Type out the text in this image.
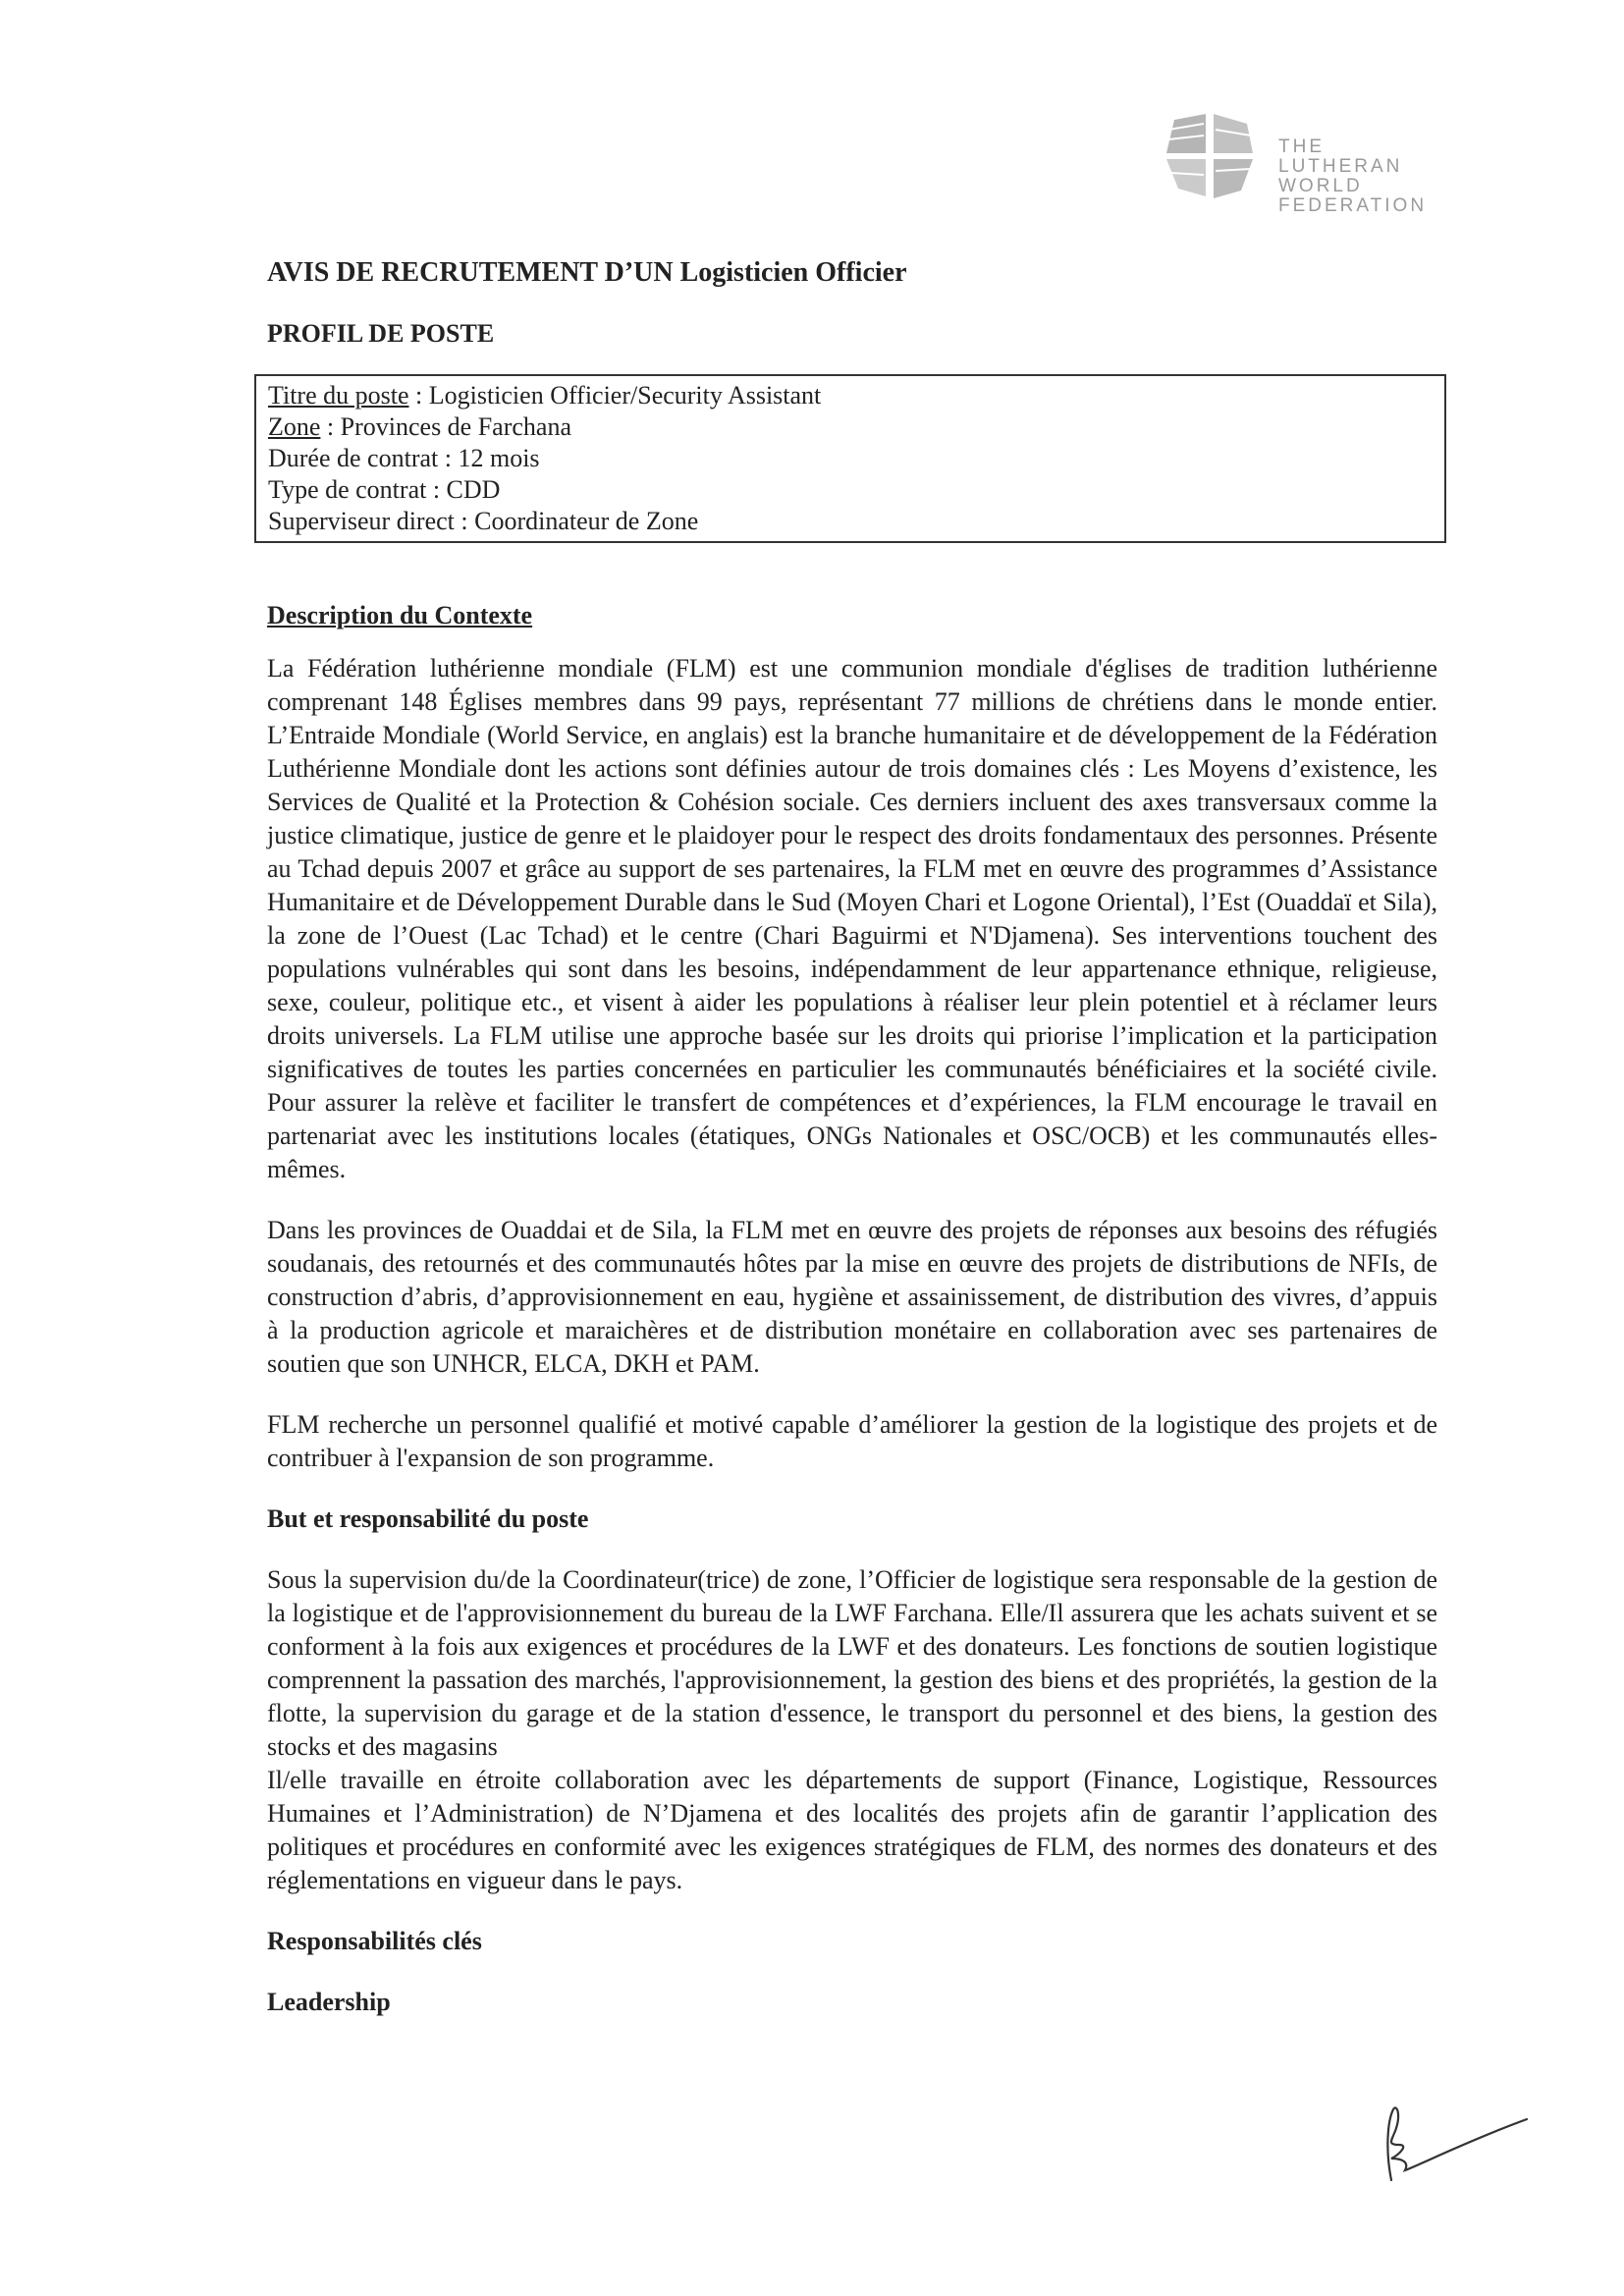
THE
LUTHERAN
WORLD
FEDERATION
AVIS DE RECRUTEMENT D’UN Logisticien Officier
PROFIL DE POSTE
Titre du poste : Logisticien Officier/Security Assistant
Zone : Provinces de Farchana
Durée de contrat : 12 mois
Type de contrat : CDD
Superviseur direct : Coordinateur de Zone
Description du Contexte

La Fédération luthérienne mondiale (FLM) est une communion mondiale d'églises de tradition luthérienne comprenant 148 Églises membres dans 99 pays, représentant 77 millions de chrétiens dans le monde entier. L’Entraide Mondiale (World Service, en anglais) est la branche humanitaire et de développement de la Fédération Luthérienne Mondiale dont les actions sont définies autour de trois domaines clés : Les Moyens d’existence, les Services de Qualité et la Protection & Cohésion sociale. Ces derniers incluent des axes transversaux comme la justice climatique, justice de genre et le plaidoyer pour le respect des droits fondamentaux des personnes. Présente au Tchad depuis 2007 et grâce au support de ses partenaires, la FLM met en œuvre des programmes d’Assistance Humanitaire et de Développement Durable dans le Sud (Moyen Chari et Logone Oriental), l’Est (Ouaddaï et Sila), la zone de l’Ouest (Lac Tchad) et le centre (Chari Baguirmi et N'Djamena). Ses interventions touchent des populations vulnérables qui sont dans les besoins, indépendamment de leur appartenance ethnique, religieuse, sexe, couleur, politique etc., et visent à aider les populations à réaliser leur plein potentiel et à réclamer leurs droits universels. La FLM utilise une approche basée sur les droits qui priorise l’implication et la participation significatives de toutes les parties concernées en particulier les communautés bénéficiaires et la société civile. Pour assurer la relève et faciliter le transfert de compétences et d’expériences, la FLM encourage le travail en partenariat avec les institutions locales (étatiques, ONGs Nationales et OSC/OCB) et les communautés elles-mêmes.

Dans les provinces de Ouaddai et de Sila, la FLM met en œuvre des projets de réponses aux besoins des réfugiés soudanais, des retournés et des communautés hôtes par la mise en œuvre des projets de distributions de NFIs, de construction d’abris, d’approvisionnement en eau, hygiène et assainissement, de distribution des vivres, d’appuis à la production agricole et maraichères et de distribution monétaire en collaboration avec ses partenaires de soutien que son UNHCR, ELCA, DKH et PAM.

FLM recherche un personnel qualifié et motivé capable d’améliorer la gestion de la logistique des projets et de contribuer à l'expansion de son programme.

But et responsabilité du poste

Sous la supervision du/de la Coordinateur(trice) de zone, l’Officier de logistique sera responsable de la gestion de la logistique et de l'approvisionnement du bureau de la LWF Farchana. Elle/Il assurera que les achats suivent et se conforment à la fois aux exigences et procédures de la LWF et des donateurs. Les fonctions de soutien logistique comprennent la passation des marchés, l'approvisionnement, la gestion des biens et des propriétés, la gestion de la flotte, la supervision du garage et de la station d'essence, le transport du personnel et des biens, la gestion des stocks et des magasins

Il/elle travaille en étroite collaboration avec les départements de support (Finance, Logistique, Ressources Humaines et l’Administration) de N’Djamena et des localités des projets afin de garantir l’application des politiques et procédures en conformité avec les exigences stratégiques de FLM, des normes des donateurs et des réglementations en vigueur dans le pays.

Responsabilités clés
Leadership
